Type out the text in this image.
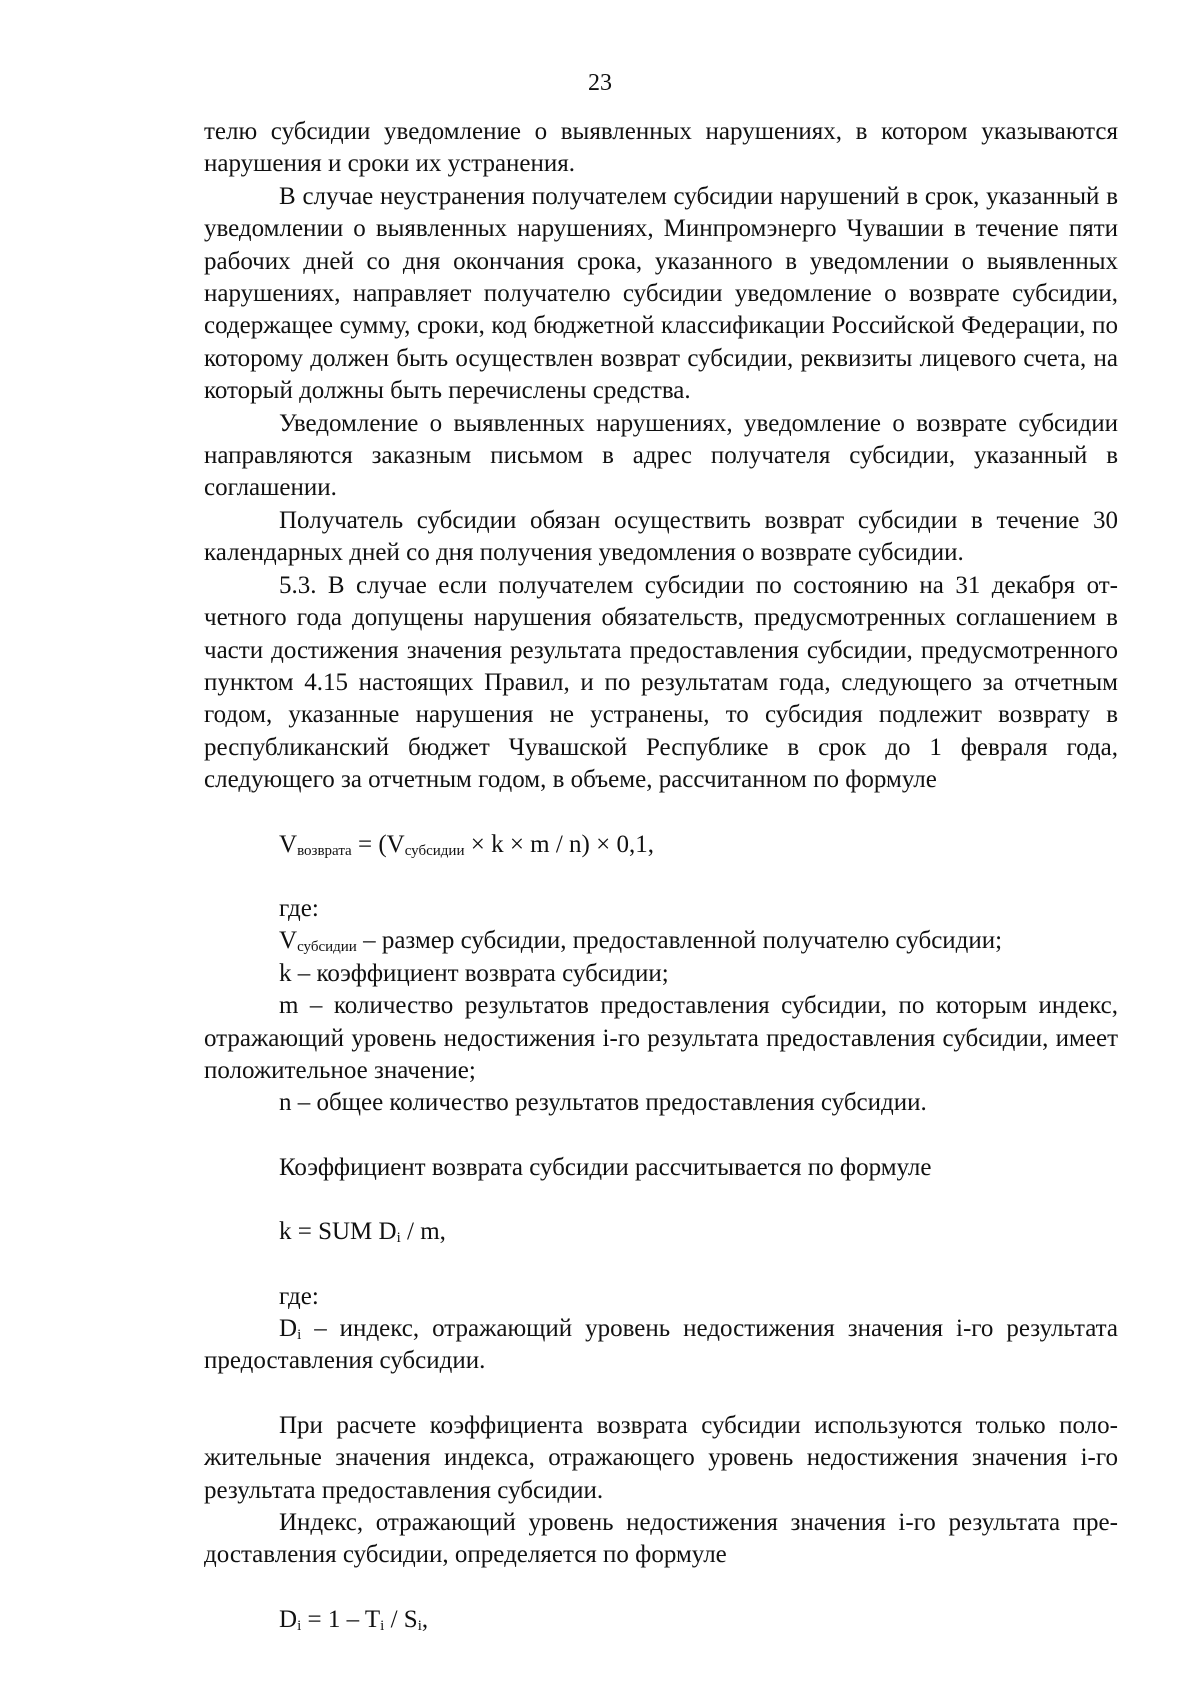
23

телю субсидии уведомление о выявленных нарушениях, в котором указываются нарушения и сроки их устранения.

В случае неустранения получателем субсидии нарушений в срок, указанный в уведомлении о выявленных нарушениях, Минпромэнерго Чувашии в течение пяти рабочих дней со дня окончания срока, указанного в уведомлении о выявленных нарушениях, направляет получателю субсидии уведомление о возврате субсидии, содержащее сумму, сроки, код бюджетной классификации Российской Федерации, по которому должен быть осуществлен возврат субсидии, реквизиты лицевого счета, на который должны быть перечислены средства.

Уведомление о выявленных нарушениях, уведомление о возврате субсидии направляются заказным письмом в адрес получателя субсидии, указанный в соглашении.

Получатель субсидии обязан осуществить возврат субсидии в течение 30 календарных дней со дня получения уведомления о возврате субсидии.

5.3. В случае если получателем субсидии по состоянию на 31 декабря отчетного года допущены нарушения обязательств, предусмотренных соглашением в части достижения значения результата предоставления субсидии, предусмотренного пунктом 4.15 настоящих Правил, и по результатам года, следующего за отчетным годом, указанные нарушения не устранены, то субсидия подлежит возврату в республиканский бюджет Чувашской Республике в срок до 1 февраля года, следующего за отчетным годом, в объеме, рассчитанном по формуле

$V_{возврата} = (V_{субсидии} \times k \times m / n) \times 0,1$,

где:

$V_{субсидии}$ – размер субсидии, предоставленной получателю субсидии;

k – коэффициент возврата субсидии;

m – количество результатов предоставления субсидии, по которым индекс, отражающий уровень недостижения i-го результата предоставления субсидии, имеет положительное значение;

n – общее количество результатов предоставления субсидии.

Коэффициент возврата субсидии рассчитывается по формуле

k = SUM $D_i$ / m,

где:

$D_i$ – индекс, отражающий уровень недостижения значения i-го результата предоставления субсидии.

При расчете коэффициента возврата субсидии используются только положительные значения индекса, отражающего уровень недостижения значения i-го результата предоставления субсидии.

Индекс, отражающий уровень недостижения значения i-го результата предоставления субсидии, определяется по формуле

$D_i = 1 - T_i / S_i$,
